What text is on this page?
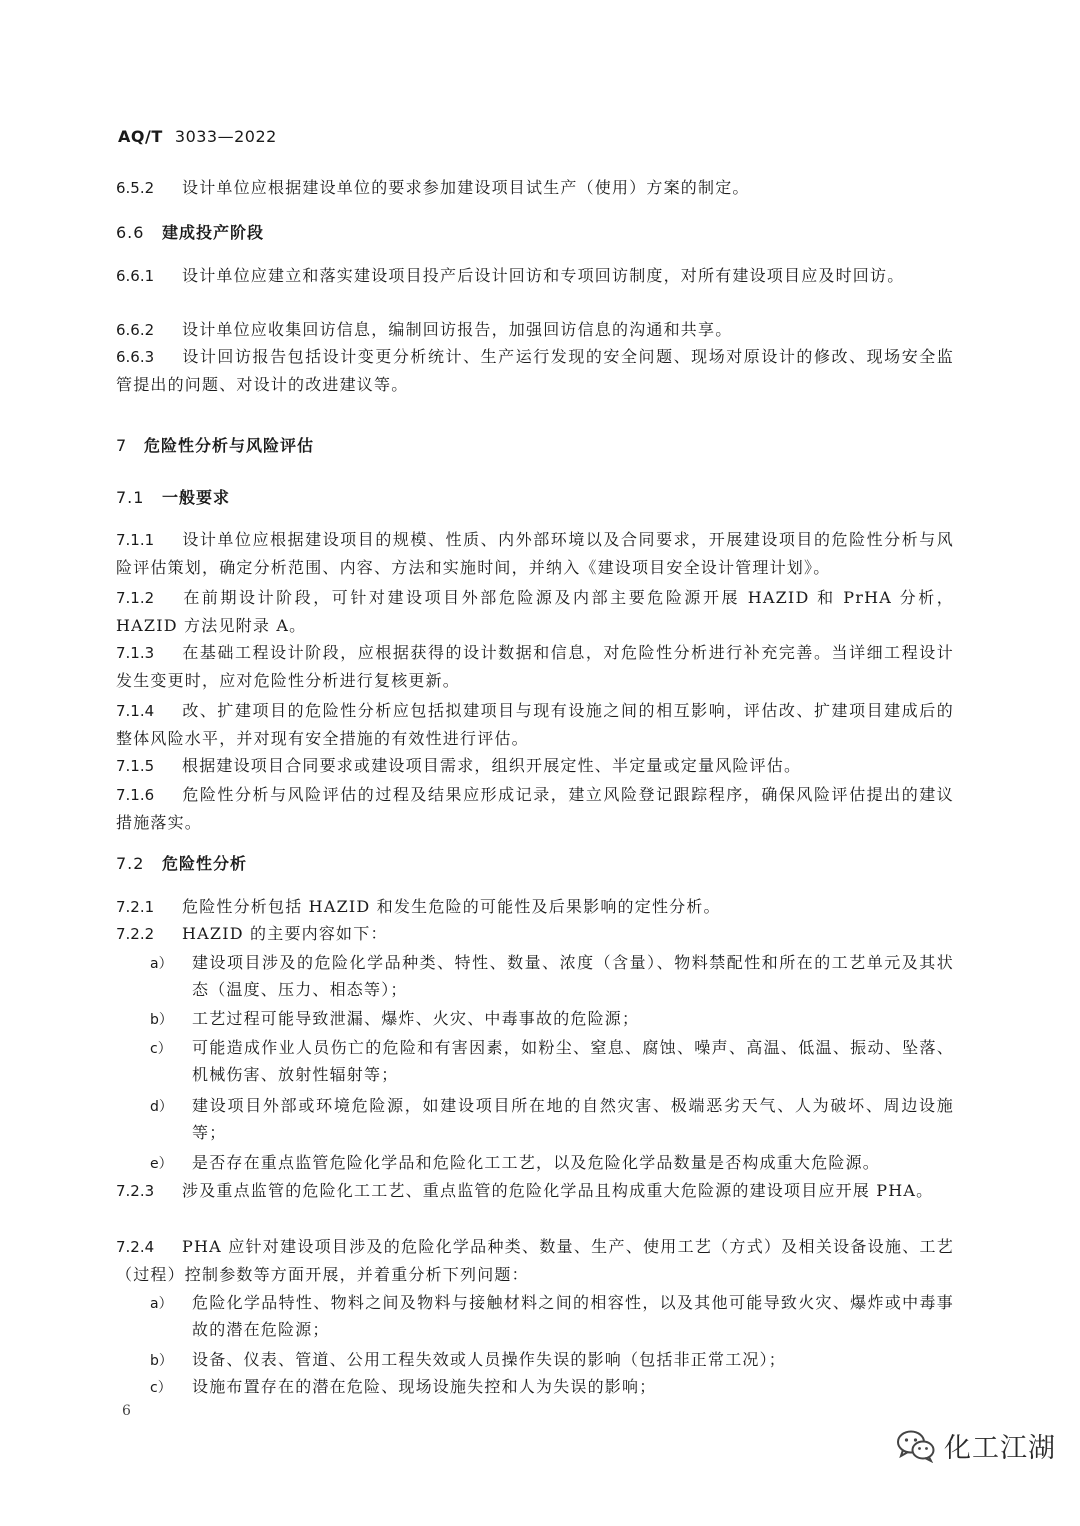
AQ/T 3033—2022
6.5.2 设计单位应根据建设单位的要求参加建设项目试生产（使用）方案的制定。
6.6 建成投产阶段
6.6.1 设计单位应建立和落实建设项目投产后设计回访和专项回访制度，对所有建设项目应及时回访。
6.6.2 设计单位应收集回访信息，编制回访报告，加强回访信息的沟通和共享。
6.6.3 设计回访报告包括设计变更分析统计、生产运行发现的安全问题、现场对原设计的修改、现场安全监管提出的问题、对设计的改进建议等。
7 危险性分析与风险评估
7.1 一般要求
7.1.1 设计单位应根据建设项目的规模、性质、内外部环境以及合同要求，开展建设项目的危险性分析与风险评估策划，确定分析范围、内容、方法和实施时间，并纳入《建设项目安全设计管理计划》。
7.1.2 在前期设计阶段，可针对建设项目外部危险源及内部主要危险源开展 HAZID 和 PrHA 分析，HAZID 方法见附录 A。
7.1.3 在基础工程设计阶段，应根据获得的设计数据和信息，对危险性分析进行补充完善。当详细工程设计发生变更时，应对危险性分析进行复核更新。
7.1.4 改、扩建项目的危险性分析应包括拟建项目与现有设施之间的相互影响，评估改、扩建项目建成后的整体风险水平，并对现有安全措施的有效性进行评估。
7.1.5 根据建设项目合同要求或建设项目需求，组织开展定性、半定量或定量风险评估。
7.1.6 危险性分析与风险评估的过程及结果应形成记录，建立风险登记跟踪程序，确保风险评估提出的建议措施落实。
7.2 危险性分析
7.2.1 危险性分析包括 HAZID 和发生危险的可能性及后果影响的定性分析。
7.2.2 HAZID 的主要内容如下：
a） 建设项目涉及的危险化学品种类、特性、数量、浓度（含量）、物料禁配性和所在的工艺单元及其状态（温度、压力、相态等）；
b） 工艺过程可能导致泄漏、爆炸、火灾、中毒事故的危险源；
c） 可能造成作业人员伤亡的危险和有害因素，如粉尘、窒息、腐蚀、噪声、高温、低温、振动、坠落、机械伤害、放射性辐射等；
d） 建设项目外部或环境危险源，如建设项目所在地的自然灾害、极端恶劣天气、人为破坏、周边设施等；
e） 是否存在重点监管危险化学品和危险化工工艺，以及危险化学品数量是否构成重大危险源。
7.2.3 涉及重点监管的危险化工工艺、重点监管的危险化学品且构成重大危险源的建设项目应开展 PHA。
7.2.4 PHA 应针对建设项目涉及的危险化学品种类、数量、生产、使用工艺（方式）及相关设备设施、工艺（过程）控制参数等方面开展，并着重分析下列问题：
a） 危险化学品特性、物料之间及物料与接触材料之间的相容性，以及其他可能导致火灾、爆炸或中毒事故的潜在危险源；
b） 设备、仪表、管道、公用工程失效或人员操作失误的影响（包括非正常工况）；
c） 设施布置存在的潜在危险、现场设施失控和人为失误的影响；
6
化工江湖
